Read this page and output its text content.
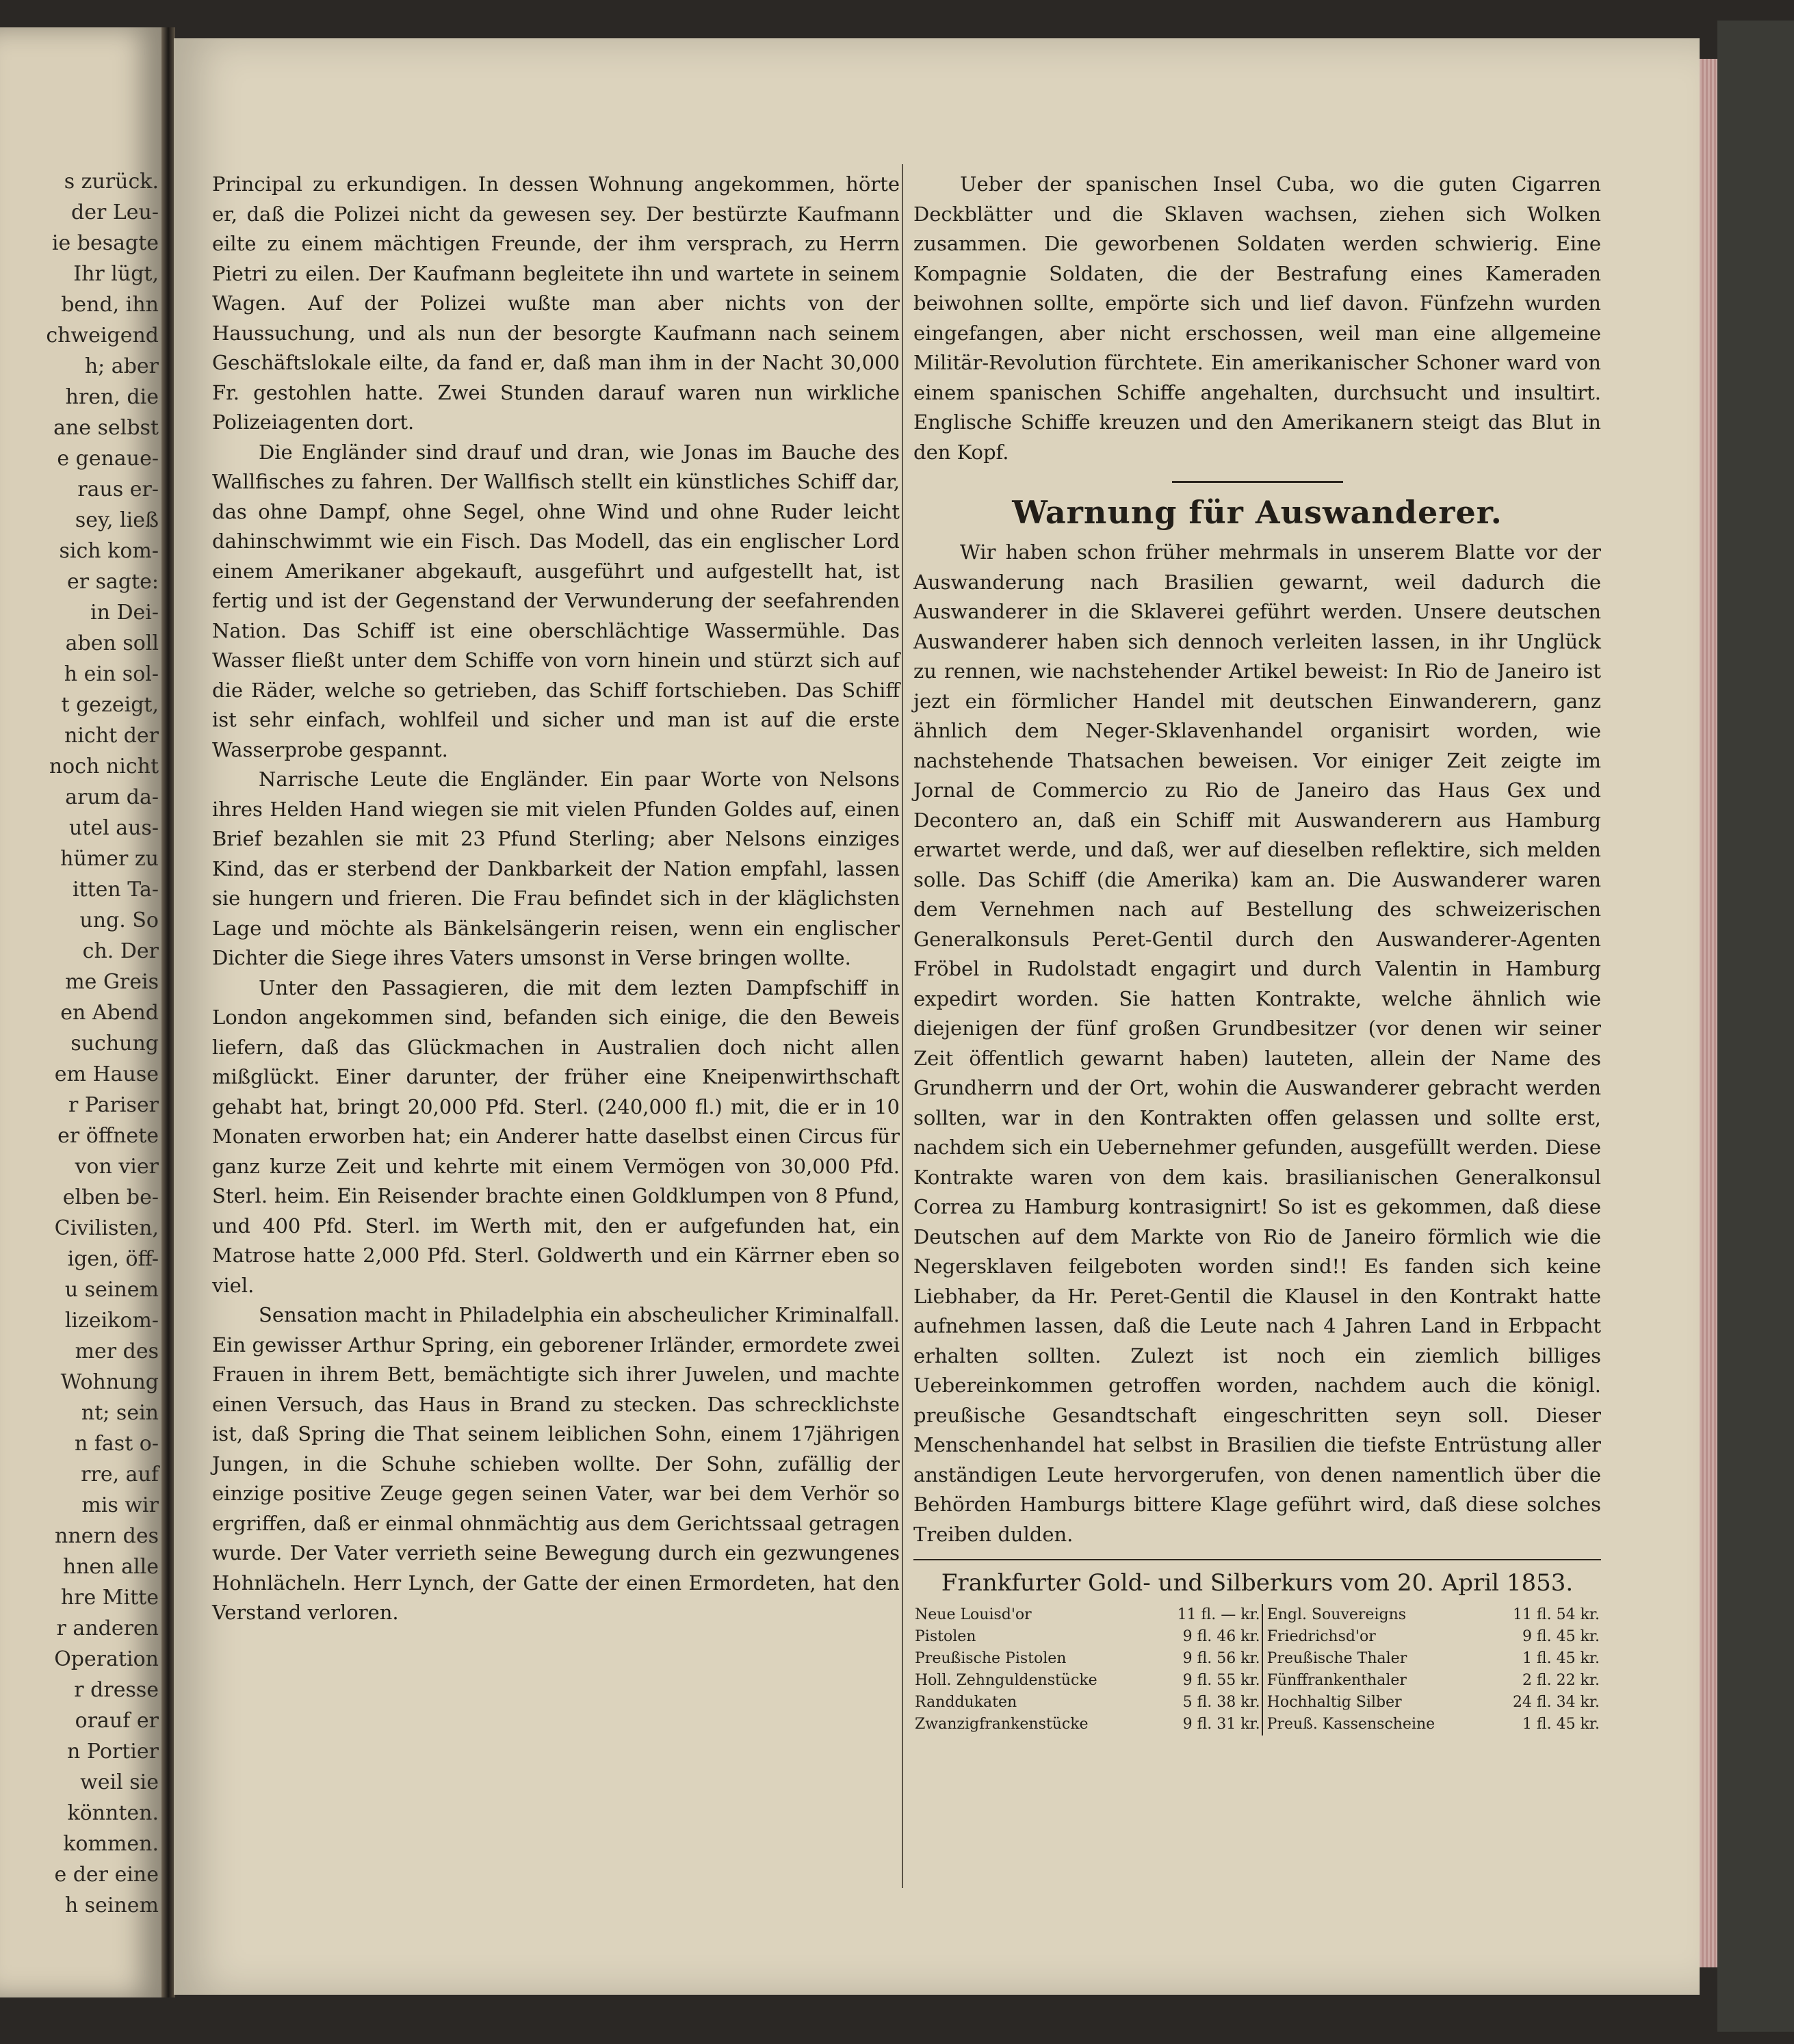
s zurück.
der Leu-
ie besagte
Ihr lügt,
bend, ihn
chweigend
h; aber
hren, die
ane selbst
e genaue-
raus er-
sey, ließ
sich kom-
er sagte:
in Dei-
aben soll
h ein sol-
t gezeigt,
nicht der
noch nicht
arum da-
utel aus-
hümer zu
itten Ta-
ung. So
ch. Der
me Greis
en Abend
suchung
em Hause
r Pariser
er öffnete
von vier
elben be-
Civilisten,
igen, öff-
u seinem
lizeikom-
mer des
Wohnung
nt; sein
n fast o-
rre, auf
mis wir
nnern des
hnen alle
hre Mitte
r anderen
Operation
r dresse
orauf er
n Portier
weil sie
könnten.
kommen.
e der eine
h seinem

Principal zu erkundigen. In dessen Wohnung angekommen, hörte er, daß die Polizei nicht da gewesen sey. Der bestürzte Kaufmann eilte zu einem mächtigen Freunde, der ihm versprach, zu Herrn Pietri zu eilen. Der Kaufmann begleitete ihn und wartete in seinem Wagen. Auf der Polizei wußte man aber nichts von der Haussuchung, und als nun der besorgte Kaufmann nach seinem Geschäftslokale eilte, da fand er, daß man ihm in der Nacht 30,000 Fr. gestohlen hatte. Zwei Stunden darauf waren nun wirkliche Polizeiagenten dort.

Die Engländer sind drauf und dran, wie Jonas im Bauche des Wallfisches zu fahren. Der Wallfisch stellt ein künstliches Schiff dar, das ohne Dampf, ohne Segel, ohne Wind und ohne Ruder leicht dahinschwimmt wie ein Fisch. Das Modell, das ein englischer Lord einem Amerikaner abgekauft, ausgeführt und aufgestellt hat, ist fertig und ist der Gegenstand der Verwunderung der seefahrenden Nation. Das Schiff ist eine oberschlächtige Wassermühle. Das Wasser fließt unter dem Schiffe von vorn hinein und stürzt sich auf die Räder, welche so getrieben, das Schiff fortschieben. Das Schiff ist sehr einfach, wohlfeil und sicher und man ist auf die erste Wasserprobe gespannt.

Narrische Leute die Engländer. Ein paar Worte von Nelsons ihres Helden Hand wiegen sie mit vielen Pfunden Goldes auf, einen Brief bezahlen sie mit 23 Pfund Sterling; aber Nelsons einziges Kind, das er sterbend der Dankbarkeit der Nation empfahl, lassen sie hungern und frieren. Die Frau befindet sich in der kläglichsten Lage und möchte als Bänkelsängerin reisen, wenn ein englischer Dichter die Siege ihres Vaters umsonst in Verse bringen wollte.

Unter den Passagieren, die mit dem lezten Dampfschiff in London angekommen sind, befanden sich einige, die den Beweis liefern, daß das Glückmachen in Australien doch nicht allen mißglückt. Einer darunter, der früher eine Kneipenwirthschaft gehabt hat, bringt 20,000 Pfd. Sterl. (240,000 fl.) mit, die er in 10 Monaten erworben hat; ein Anderer hatte daselbst einen Circus für ganz kurze Zeit und kehrte mit einem Vermögen von 30,000 Pfd. Sterl. heim. Ein Reisender brachte einen Goldklumpen von 8 Pfund, und 400 Pfd. Sterl. im Werth mit, den er aufgefunden hat, ein Matrose hatte 2,000 Pfd. Sterl. Goldwerth und ein Kärrner eben so viel.

Sensation macht in Philadelphia ein abscheulicher Kriminalfall. Ein gewisser Arthur Spring, ein geborener Irländer, ermordete zwei Frauen in ihrem Bett, bemächtigte sich ihrer Juwelen, und machte einen Versuch, das Haus in Brand zu stecken. Das schrecklichste ist, daß Spring die That seinem leiblichen Sohn, einem 17jährigen Jungen, in die Schuhe schieben wollte. Der Sohn, zufällig der einzige positive Zeuge gegen seinen Vater, war bei dem Verhör so ergriffen, daß er einmal ohnmächtig aus dem Gerichtssaal getragen wurde. Der Vater verrieth seine Bewegung durch ein gezwungenes Hohnlächeln. Herr Lynch, der Gatte der einen Ermordeten, hat den Verstand verloren.

Ueber der spanischen Insel Cuba, wo die guten Cigarren Deckblätter und die Sklaven wachsen, ziehen sich Wolken zusammen. Die geworbenen Soldaten werden schwierig. Eine Kompagnie Soldaten, die der Bestrafung eines Kameraden beiwohnen sollte, empörte sich und lief davon. Fünfzehn wurden eingefangen, aber nicht erschossen, weil man eine allgemeine Militär-Revolution fürchtete. Ein amerikanischer Schoner ward von einem spanischen Schiffe angehalten, durchsucht und insultirt. Englische Schiffe kreuzen und den Amerikanern steigt das Blut in den Kopf.

Warnung für Auswanderer.

Wir haben schon früher mehrmals in unserem Blatte vor der Auswanderung nach Brasilien gewarnt, weil dadurch die Auswanderer in die Sklaverei geführt werden. Unsere deutschen Auswanderer haben sich dennoch verleiten lassen, in ihr Unglück zu rennen, wie nachstehender Artikel beweist: In Rio de Janeiro ist jezt ein förmlicher Handel mit deutschen Einwanderern, ganz ähnlich dem Neger-Sklavenhandel organisirt worden, wie nachstehende Thatsachen beweisen. Vor einiger Zeit zeigte im Jornal de Commercio zu Rio de Janeiro das Haus Gex und Decontero an, daß ein Schiff mit Auswanderern aus Hamburg erwartet werde, und daß, wer auf dieselben reflektire, sich melden solle. Das Schiff (die Amerika) kam an. Die Auswanderer waren dem Vernehmen nach auf Bestellung des schweizerischen Generalkonsuls Peret-Gentil durch den Auswanderer-Agenten Fröbel in Rudolstadt engagirt und durch Valentin in Hamburg expedirt worden. Sie hatten Kontrakte, welche ähnlich wie diejenigen der fünf großen Grundbesitzer (vor denen wir seiner Zeit öffentlich gewarnt haben) lauteten, allein der Name des Grundherrn und der Ort, wohin die Auswanderer gebracht werden sollten, war in den Kontrakten offen gelassen und sollte erst, nachdem sich ein Uebernehmer gefunden, ausgefüllt werden. Diese Kontrakte waren von dem kais. brasilianischen Generalkonsul Correa zu Hamburg kontrasignirt! So ist es gekommen, daß diese Deutschen auf dem Markte von Rio de Janeiro förmlich wie die Negersklaven feilgeboten worden sind!! Es fanden sich keine Liebhaber, da Hr. Peret-Gentil die Klausel in den Kontrakt hatte aufnehmen lassen, daß die Leute nach 4 Jahren Land in Erbpacht erhalten sollten. Zulezt ist noch ein ziemlich billiges Uebereinkommen getroffen worden, nachdem auch die königl. preußische Gesandtschaft eingeschritten seyn soll. Dieser Menschenhandel hat selbst in Brasilien die tiefste Entrüstung aller anständigen Leute hervorgerufen, von denen namentlich über die Behörden Hamburgs bittere Klage geführt wird, daß diese solches Treiben dulden.

Frankfurter Gold- und Silberkurs vom 20. April 1853.
Neue Louisd'or	11 fl. — kr.	Engl. Souvereigns	11 fl. 54 kr.
Pistolen	9 fl. 46 kr.	Friedrichsd'or	9 fl. 45 kr.
Preußische Pistolen	9 fl. 56 kr.	Preußische Thaler	1 fl. 45 kr.
Holl. Zehnguldenstücke	9 fl. 55 kr.	Fünffrankenthaler	2 fl. 22 kr.
Randdukaten	5 fl. 38 kr.	Hochhaltig Silber	24 fl. 34 kr.
Zwanzigfrankenstücke	9 fl. 31 kr.	Preuß. Kassenscheine	1 fl. 45 kr.
